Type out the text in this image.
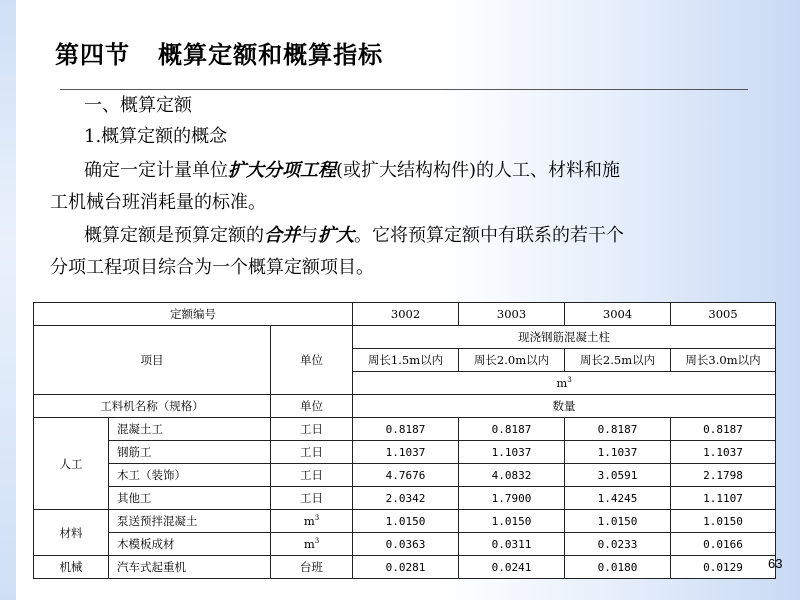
第四节   概算定额和概算指标
一、概算定额
1.概算定额的概念
确定一定计量单位扩大分项工程(或扩大结构构件)的人工、材料和施
工机械台班消耗量的标准。
概算定额是预算定额的合并与扩大。它将预算定额中有联系的若干个
分项工程项目综合为一个概算定额项目。
定额编号			3002	3003	3004	3005
项目		单位	现浇钢筋混凝土柱			
			周长1.5m以内	周长2.0m以内	周长2.5m以内	周长3.0m以内
			$m^3$
工料机名称（规格）		单位	数量			
人工	混凝土工	工日	0.8187	0.8187	0.8187	0.8187
	钢筋工	工日	1.1037	1.1037	1.1037	1.1037
	木工（装饰）	工日	4.7676	4.0832	3.0591	2.1798
	其他工	工日	2.0342	1.7900	1.4245	1.1107
材料	泵送预拌混凝土	$m^3$	1.0150	1.0150	1.0150	1.0150
	木模板成材	$m^3$	0.0363	0.0311	0.0233	0.0166
机械	汽车式起重机	台班	0.0281	0.0241	0.0180	0.0129 63
